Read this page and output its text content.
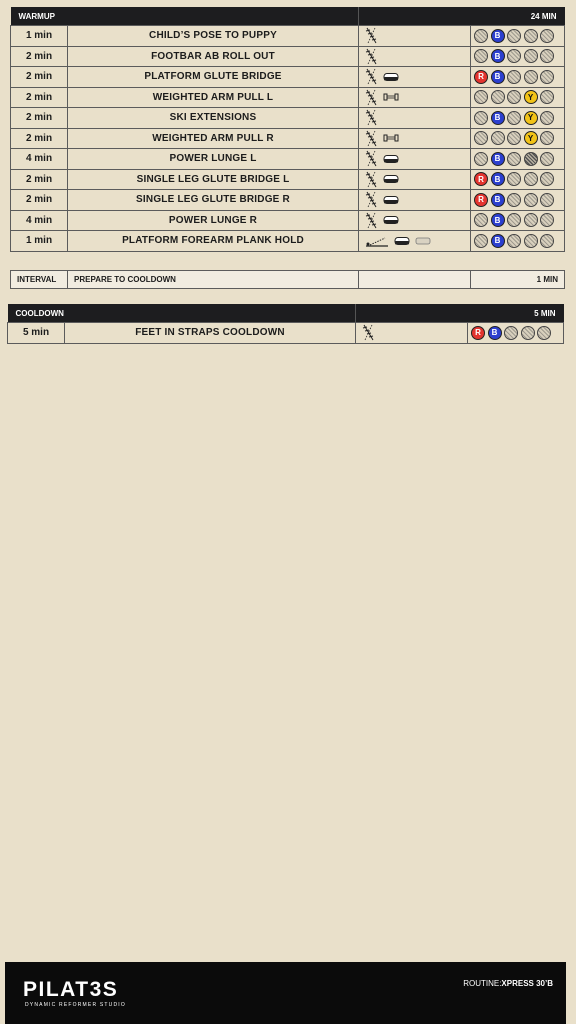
WARMUP		24 MIN	
1 min	CHILD’S POSE TO PUPPY		B

2 min	FOOTBAR AB ROLL OUT		B

2 min	PLATFORM GLUTE BRIDGE		R B

2 min	WEIGHTED ARM PULL L		Y

2 min	SKI EXTENSIONS		B Y

2 min	WEIGHTED ARM PULL R		Y

4 min	POWER LUNGE L		B

2 min	SINGLE LEG GLUTE BRIDGE L		R B

2 min	SINGLE LEG GLUTE BRIDGE R		R B

4 min	POWER LUNGE R		B

1 min	PLATFORM FOREARM PLANK HOLD		B
INTERVAL	PREPARE TO COOLDOWN		1 MIN
COOLDOWN		5 MIN	
5 min	FEET IN STRAPS COOLDOWN		R B
PILAT3S
DYNAMIC REFORMER STUDIO
ROUTINE:XPRESS 30’B
